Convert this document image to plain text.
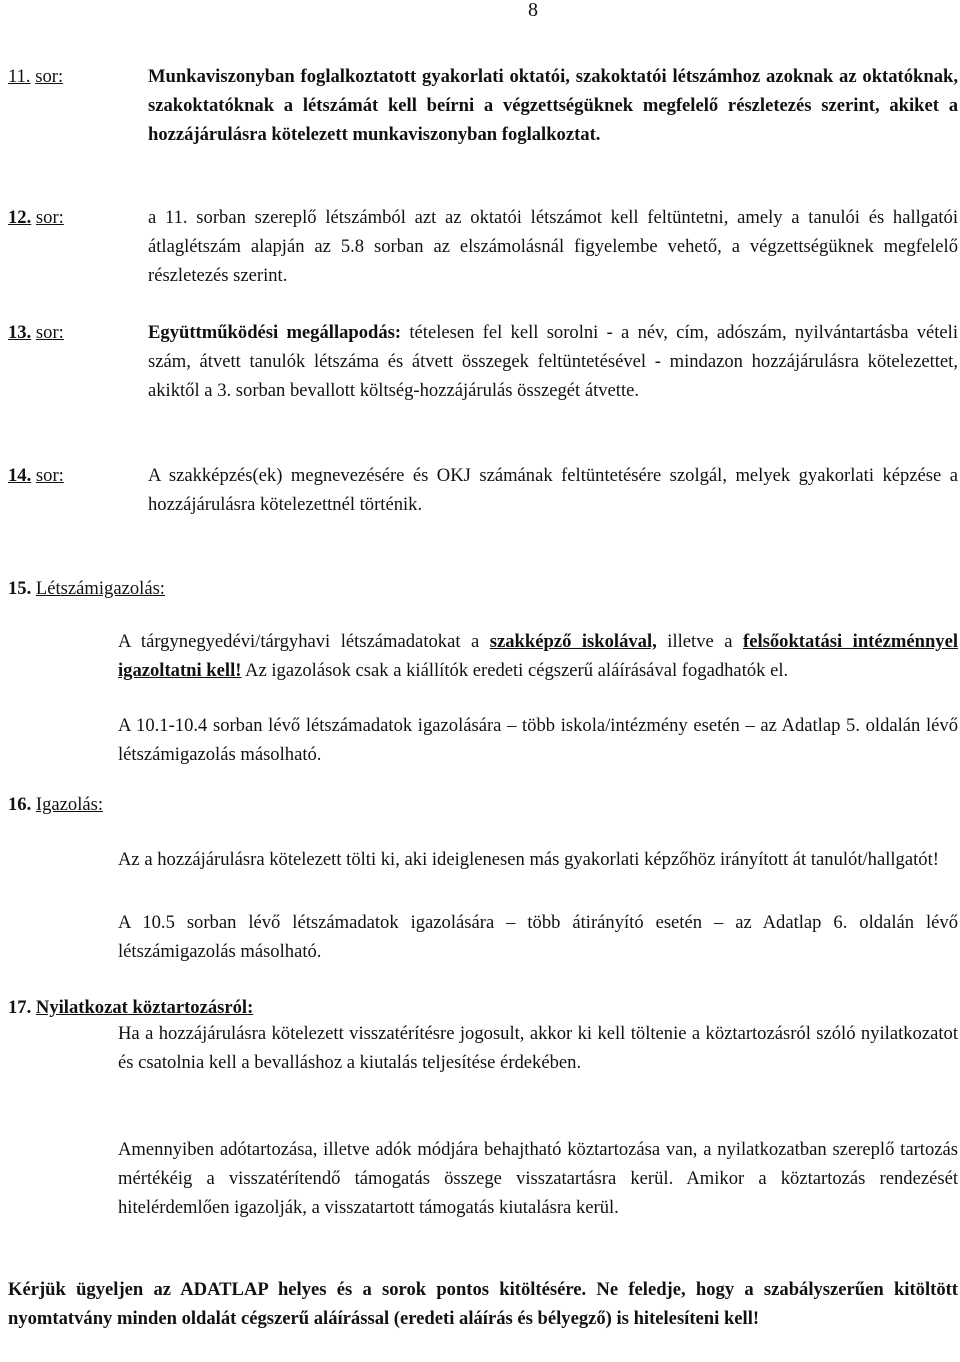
8
11. sor:	Munkaviszonyban foglalkoztatott gyakorlati oktatói, szakoktatói létszámhoz azoknak az oktatóknak, szakoktatóknak a létszámát kell beírni a végzettségüknek megfelelő részletezés szerint, akiket a hozzájárulásra kötelezett munkaviszonyban foglalkoztat.
12. sor:	a 11. sorban szereplő létszámból azt az oktatói létszámot kell feltüntetni, amely a tanulói és hallgatói átlaglétszám alapján az 5.8 sorban az elszámolásnál figyelembe vehető, a végzettségüknek megfelelő részletezés szerint.
13. sor:	Együttműködési megállapodás: tételesen fel kell sorolni - a név, cím, adószám, nyilvántartásba vételi szám, átvett tanulók létszáma és átvett összegek feltüntetésével - mindazon hozzájárulásra kötelezettet, akiktől a 3. sorban bevallott költség-hozzájárulás összegét átvette.
14. sor:	A szakképzés(ek) megnevezésére és OKJ számának feltüntetésére szolgál, melyek gyakorlati képzése a hozzájárulásra kötelezettnél történik.
15. Létszámigazolás:
A tárgynegyedévi/tárgyhavi létszámadatokat a szakképző iskolával, illetve a felsőoktatási intézménnyel igazoltatni kell! Az igazolások csak a kiállítók eredeti cégszerű aláírásával fogadhatók el.
A 10.1-10.4 sorban lévő létszámadatok igazolására – több iskola/intézmény esetén – az Adatlap 5. oldalán lévő létszámigazolás másolható.
16. Igazolás:
Az a hozzájárulásra kötelezett tölti ki, aki ideiglenesen más gyakorlati képzőhöz irányított át tanulót/hallgatót!
A 10.5 sorban lévő létszámadatok igazolására – több átirányító esetén – az Adatlap 6. oldalán lévő létszámigazolás másolható.
17. Nyilatkozat köztartozásról:
Ha a hozzájárulásra kötelezett visszatérítésre jogosult, akkor ki kell töltenie a köztartozásról szóló nyilatkozatot és csatolnia kell a bevalláshoz a kiutalás teljesítése érdekében.
Amennyiben adótartozása, illetve adók módjára behajtható köztartozása van, a nyilatkozatban szereplő tartozás mértékéig a visszatérítendő támogatás összege visszatartásra kerül. Amikor a köztartozás rendezését hitelérdemlően igazolják, a visszatartott támogatás kiutalásra kerül.
Kérjük ügyeljen az ADATLAP helyes és a sorok pontos kitöltésére. Ne feledje, hogy a szabályszerűen kitöltött nyomtatvány minden oldalát cégszerű aláírással (eredeti aláírás és bélyegző) is hitelesíteni kell!
